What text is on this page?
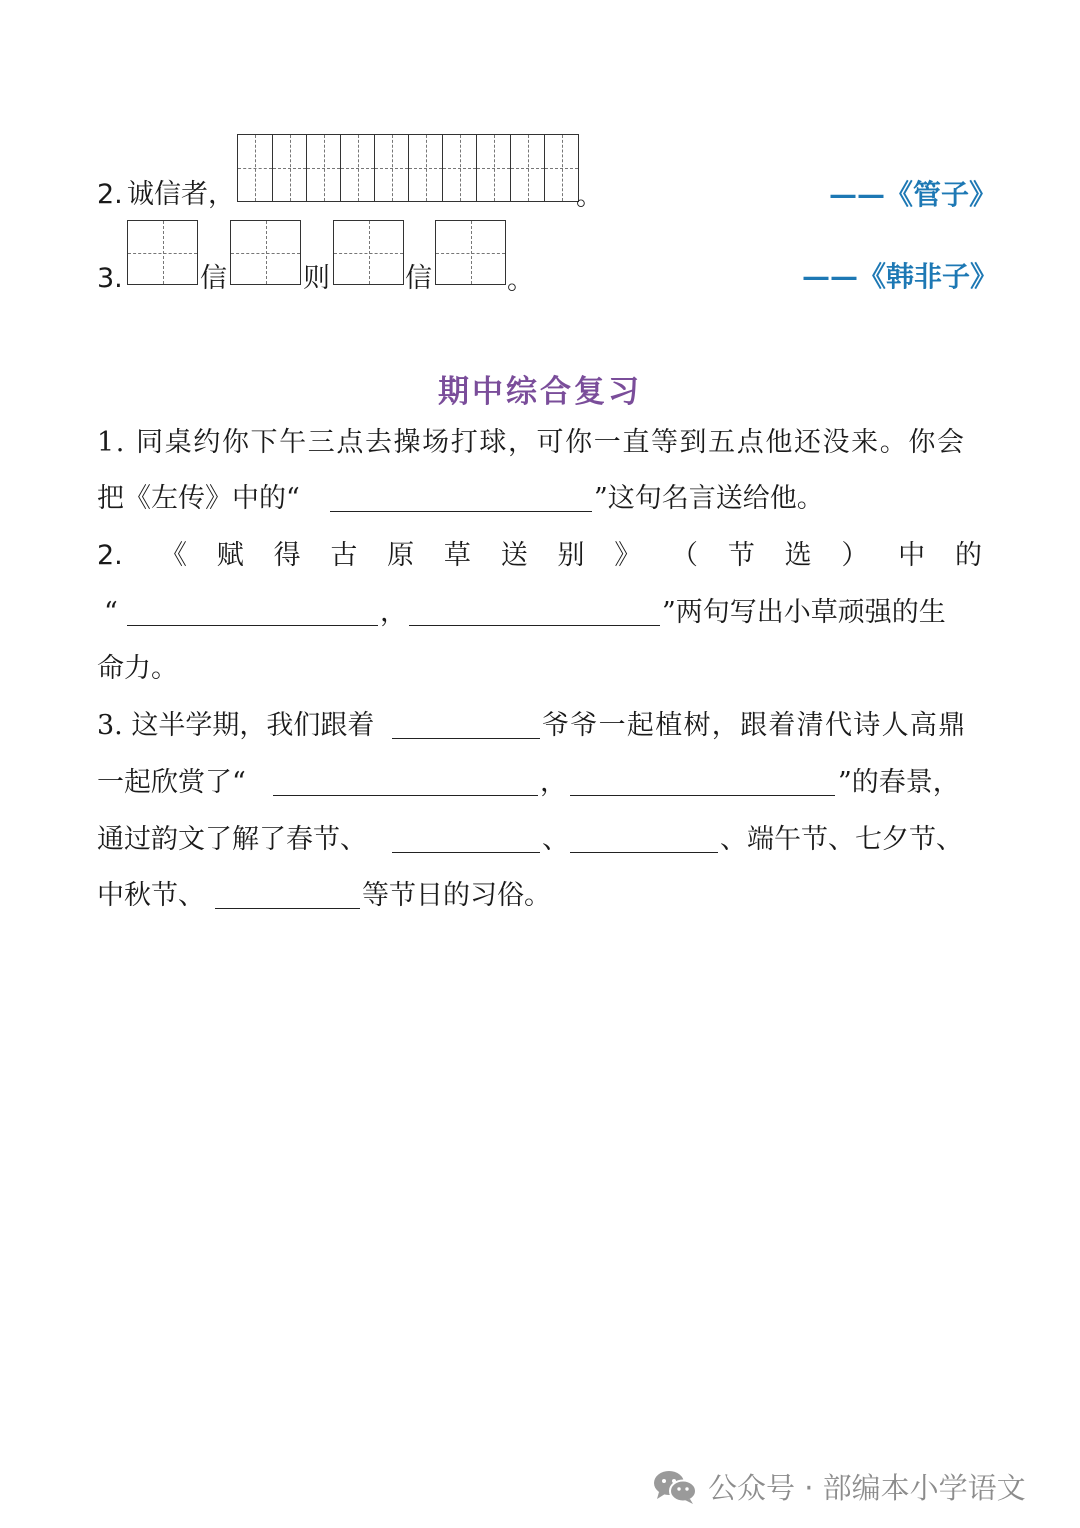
2. 诚信者，	。	——《管子》
3.	信	则	信	。	——《韩非子》
期中综合复习
1. 同桌约你下午三点去操场打球，可你一直等到五点他还没来。你会
把《左传》中的“	”这句名言送给他。
2. 《 赋 得 古 原 草 送 别 》 （ 节 选 ） 中 的
“	，	”两句写出小草顽强的生
命力。
3. 这半学期，我们跟着	爷爷一起植树，跟着清代诗人高鼎
一起欣赏了“	，	”的春景，
通过韵文了解了春节、	、	、端午节、七夕节、
中秋节、	等节日的习俗。
公众号 · 部编本小学语文
